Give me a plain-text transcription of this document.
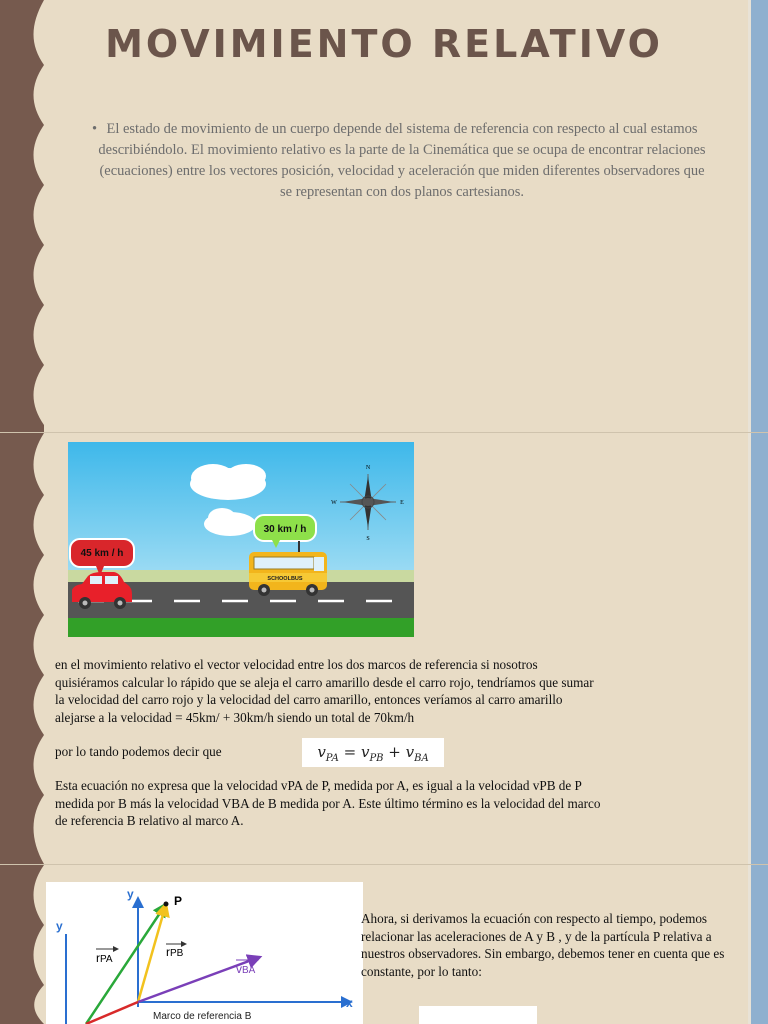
MOVIMIENTO RELATIVO
• El estado de movimiento de un cuerpo depende del sistema de referencia con respecto al cual estamos describiéndolo. El movimiento relativo es la parte de la Cinemática que se ocupa de encontrar relaciones (ecuaciones) entre los vectores posición, velocidad y aceleración que miden diferentes observadores que se representan con dos planos cartesianos.
N
S
E
W
30 km / h
SCHOOLBUS
45 km / h
en el movimiento relativo el vector velocidad entre los dos marcos de referencia si nosotros quisiéramos calcular lo rápido que se aleja el carro amarillo desde el carro rojo, tendríamos que sumar la velocidad del carro rojo y la velocidad del carro amarillo, entonces veríamos al carro amarillo alejarse a la velocidad = 45km/ + 30km/h siendo un total de 70km/h
por lo tando podemos decir que	$v_{PA} = v_{PB} + v_{BA}$
Esta ecuación no expresa que la velocidad vPA de P, medida por A, es igual a la velocidad vPB de P medida por B más la velocidad VBA de B medida por A. Este último término es la velocidad del marco de referencia B relativo al marco A.
y
y
x
P
rPA
rPB
vBA
Marco de referencia B
Ahora, si derivamos la ecuación con respecto al tiempo, podemos relacionar las aceleraciones de A y B , y de la partícula P relativa a nuestros observadores. Sin embargo, debemos tener en cuenta que es constante, por lo tanto:
